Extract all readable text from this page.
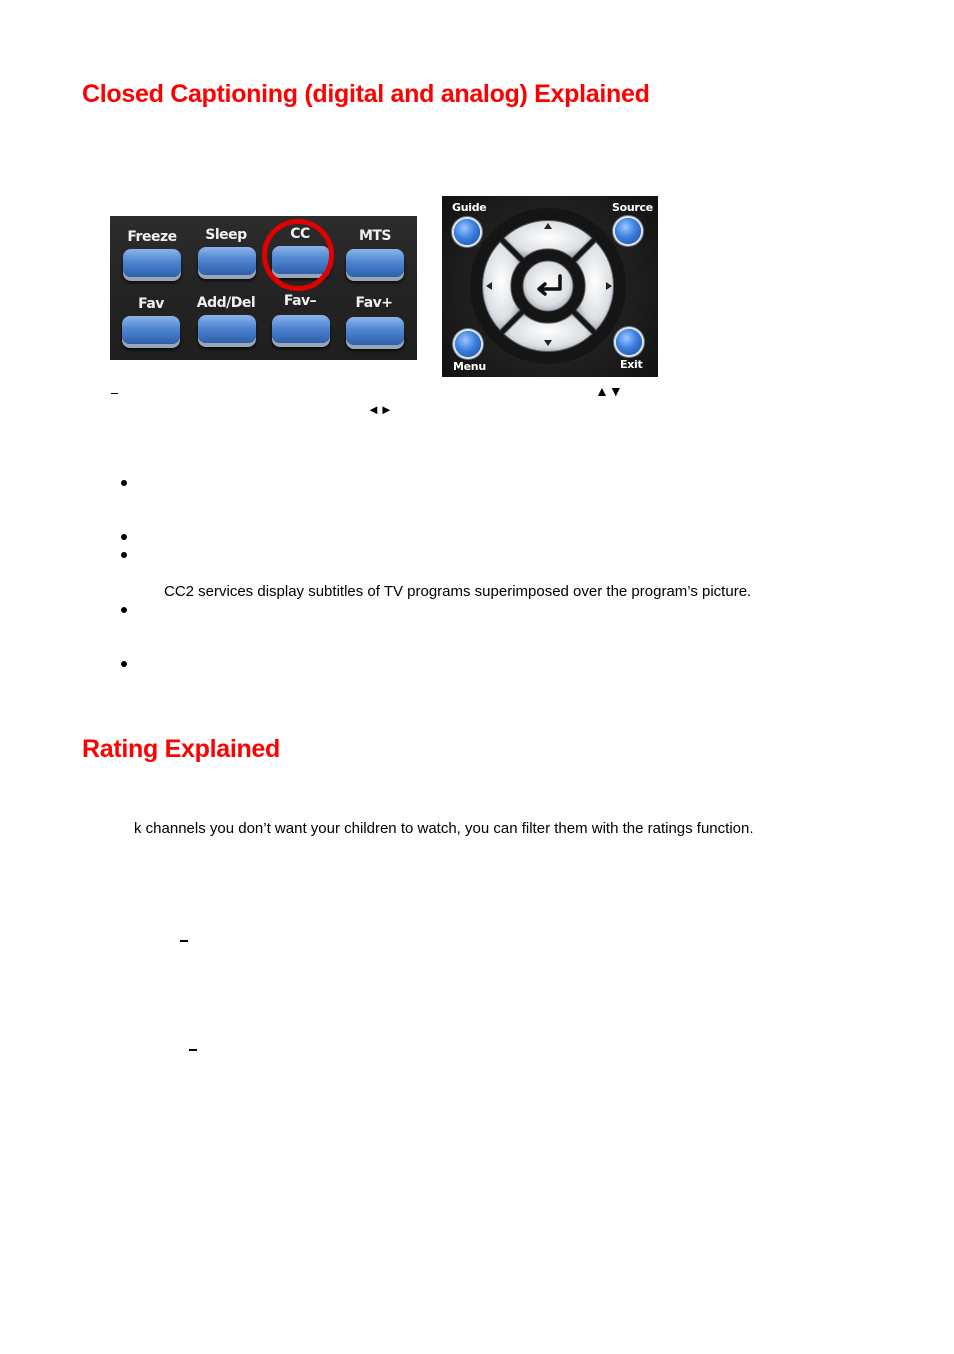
Closed Captioning (digital and analog) Explained
Freeze	Sleep	CC	MTS
Fav	Add/Del	Fav–	Fav+
Guide	Source
Menu	Exit
▲▼
◄►
CC2 services display subtitles of TV programs superimposed over the program’s picture.
Rating Explained
k channels you don’t want your children to watch, you can filter them with the ratings function.
